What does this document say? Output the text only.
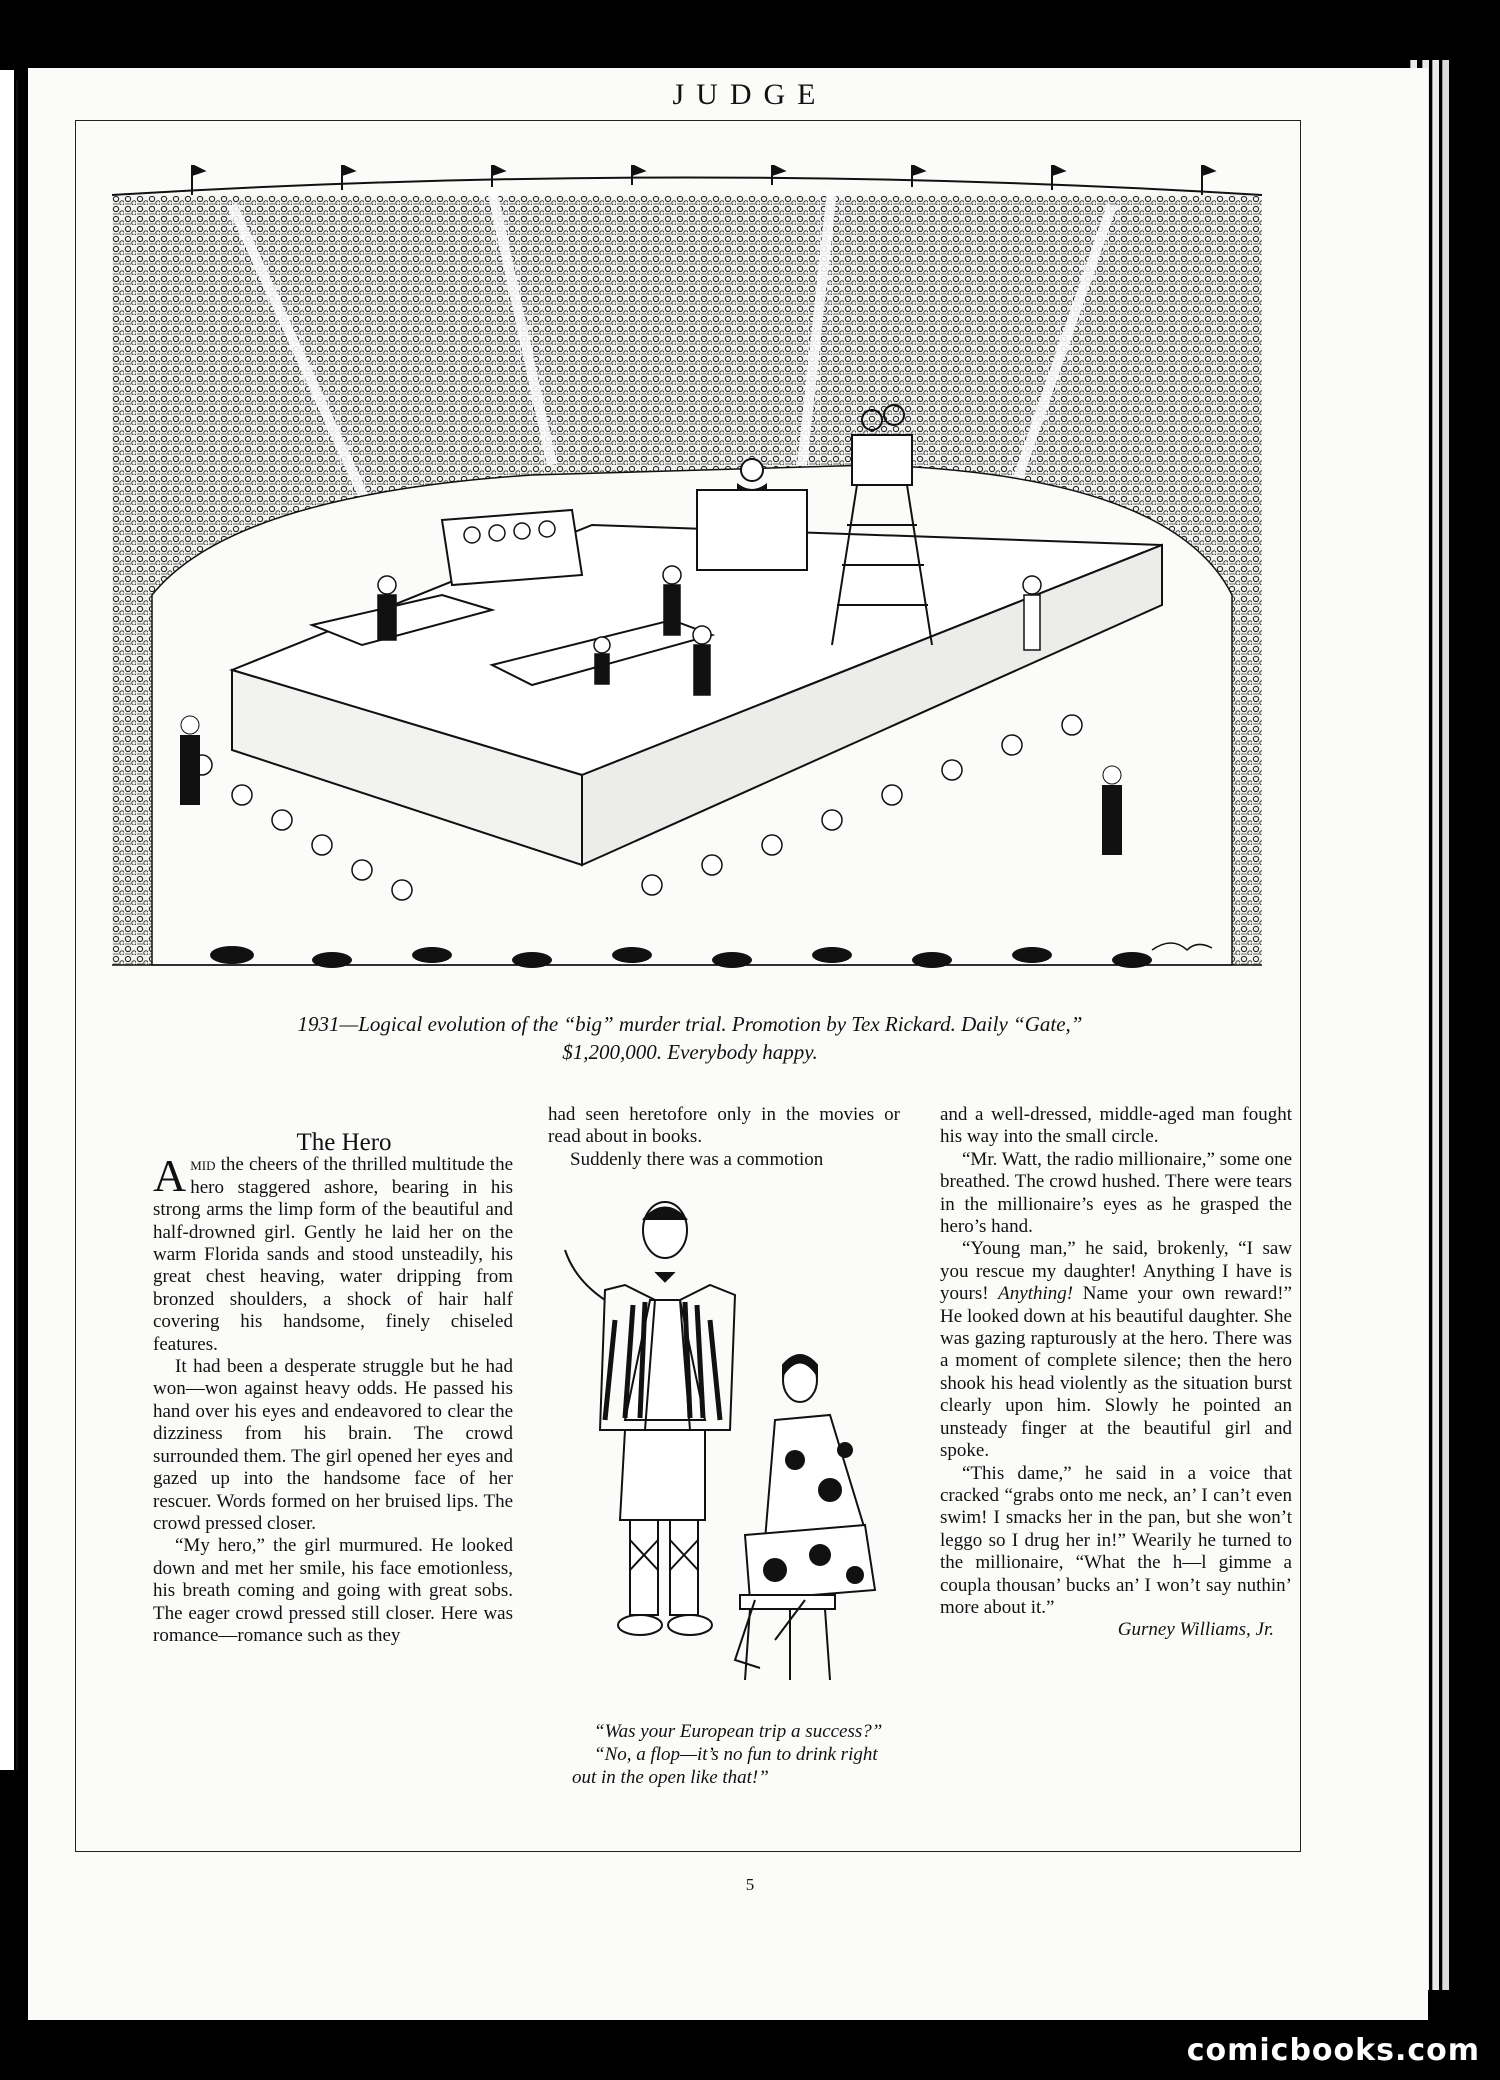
JUDGE
1931—Logical evolution of the “big” murder trial. Promotion by Tex Rickard. Daily “Gate,”
$1,200,000. Everybody happy.

The Hero

Amid the cheers of the thrilled multitude the hero staggered ashore, bearing in his strong arms the limp form of the beautiful and half-drowned girl. Gently he laid her on the warm Florida sands and stood unsteadily, his great chest heaving, water dripping from bronzed shoulders, a shock of hair half covering his handsome, finely chiseled features.

It had been a desperate struggle but he had won—won against heavy odds. He passed his hand over his eyes and endeavored to clear the dizziness from his brain. The crowd surrounded them. The girl opened her eyes and gazed up into the handsome face of her rescuer. Words formed on her bruised lips. The crowd pressed closer.

“My hero,” the girl murmured. He looked down and met her smile, his face emotionless, his breath coming and going with great sobs. The eager crowd pressed still closer. Here was romance—romance such as they

had seen heretofore only in the movies or read about in books.

Suddenly there was a commotion

“Was your European trip a success?”

“No, a flop—it’s no fun to drink right out in the open like that!”

and a well-dressed, middle-aged man fought his way into the small circle.

“Mr. Watt, the radio millionaire,” some one breathed. The crowd hushed. There were tears in the millionaire’s eyes as he grasped the hero’s hand.

“Young man,” he said, brokenly, “I saw you rescue my daughter! Anything I have is yours! Anything! Name your own reward!” He looked down at his beautiful daughter. She was gazing rapturously at the hero. There was a moment of complete silence; then the hero shook his head violently as the situation burst clearly upon him. Slowly he pointed an unsteady finger at the beautiful girl and spoke.

“This dame,” he said in a voice that cracked “grabs onto me neck, an’ I can’t even swim! I smacks her in the pan, but she won’t leggo so I drug her in!” Wearily he turned to the millionaire, “What the h—l gimme a coupla thousan’ bucks an’ I won’t say nuthin’ more about it.”

Gurney Williams, Jr.

5
comicbooks.com
